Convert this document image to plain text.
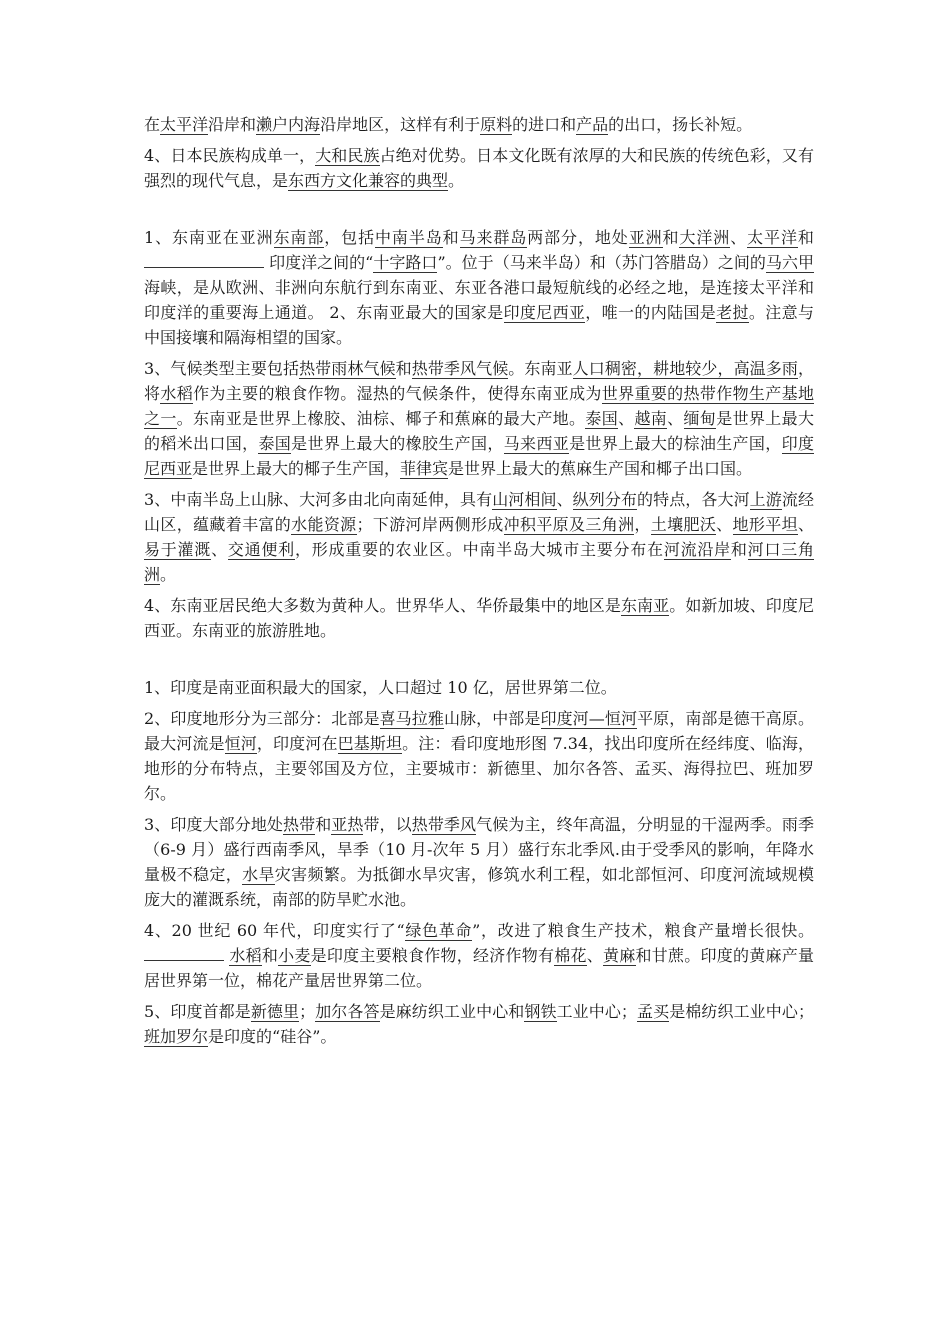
在太平洋沿岸和濑户内海沿岸地区，这样有利于原料的进口和产品的出口，扬长补短。

4、日本民族构成单一，大和民族占绝对优势。日本文化既有浓厚的大和民族的传统色彩，又有强烈的现代气息，是东西方文化兼容的典型。

1、东南亚在亚洲东南部，包括中南半岛和马来群岛两部分，地处亚洲和大洋洲、太平洋和 印度洋之间的“十字路口”。位于（马来半岛）和（苏门答腊岛）之间的马六甲海峡，是从欧洲、非洲向东航行到东南亚、东亚各港口最短航线的必经之地，是连接太平洋和印度洋的重要海上通道。 2、东南亚最大的国家是印度尼西亚，唯一的内陆国是老挝。注意与中国接壤和隔海相望的国家。

3、气候类型主要包括热带雨林气候和热带季风气候。东南亚人口稠密，耕地较少，高温多雨，将水稻作为主要的粮食作物。湿热的气候条件，使得东南亚成为世界重要的热带作物生产基地之一。东南亚是世界上橡胶、油棕、椰子和蕉麻的最大产地。泰国、越南、缅甸是世界上最大的稻米出口国，泰国是世界上最大的橡胶生产国，马来西亚是世界上最大的棕油生产国，印度尼西亚是世界上最大的椰子生产国，菲律宾是世界上最大的蕉麻生产国和椰子出口国。

3、中南半岛上山脉、大河多由北向南延伸，具有山河相间、纵列分布的特点，各大河上游流经山区，蕴藏着丰富的水能资源；下游河岸两侧形成冲积平原及三角洲，土壤肥沃、地形平坦、易于灌溉、交通便利，形成重要的农业区。中南半岛大城市主要分布在河流沿岸和河口三角洲。

4、东南亚居民绝大多数为黄种人。世界华人、华侨最集中的地区是东南亚。如新加坡、印度尼西亚。东南亚的旅游胜地。

1、印度是南亚面积最大的国家，人口超过 10 亿，居世界第二位。

2、印度地形分为三部分：北部是喜马拉雅山脉，中部是印度河—恒河平原，南部是德干高原。最大河流是恒河，印度河在巴基斯坦。注：看印度地形图 7.34，找出印度所在经纬度、临海，地形的分布特点，主要邻国及方位，主要城市：新德里、加尔各答、孟买、海得拉巴、班加罗尔。

3、印度大部分地处热带和亚热带，以热带季风气候为主，终年高温，分明显的干湿两季。雨季（6-9 月）盛行西南季风，旱季（10 月-次年 5 月）盛行东北季风.由于受季风的影响，年降水量极不稳定，水旱灾害频繁。为抵御水旱灾害，修筑水利工程，如北部恒河、印度河流域规模庞大的灌溉系统，南部的防旱贮水池。

4、20 世纪 60 年代，印度实行了“绿色革命”，改进了粮食生产技术，粮食产量增长很快。 水稻和小麦是印度主要粮食作物，经济作物有棉花、黄麻和甘蔗。印度的黄麻产量居世界第一位，棉花产量居世界第二位。

5、印度首都是新德里；加尔各答是麻纺织工业中心和钢铁工业中心；孟买是棉纺织工业中心；班加罗尔是印度的“硅谷”。
